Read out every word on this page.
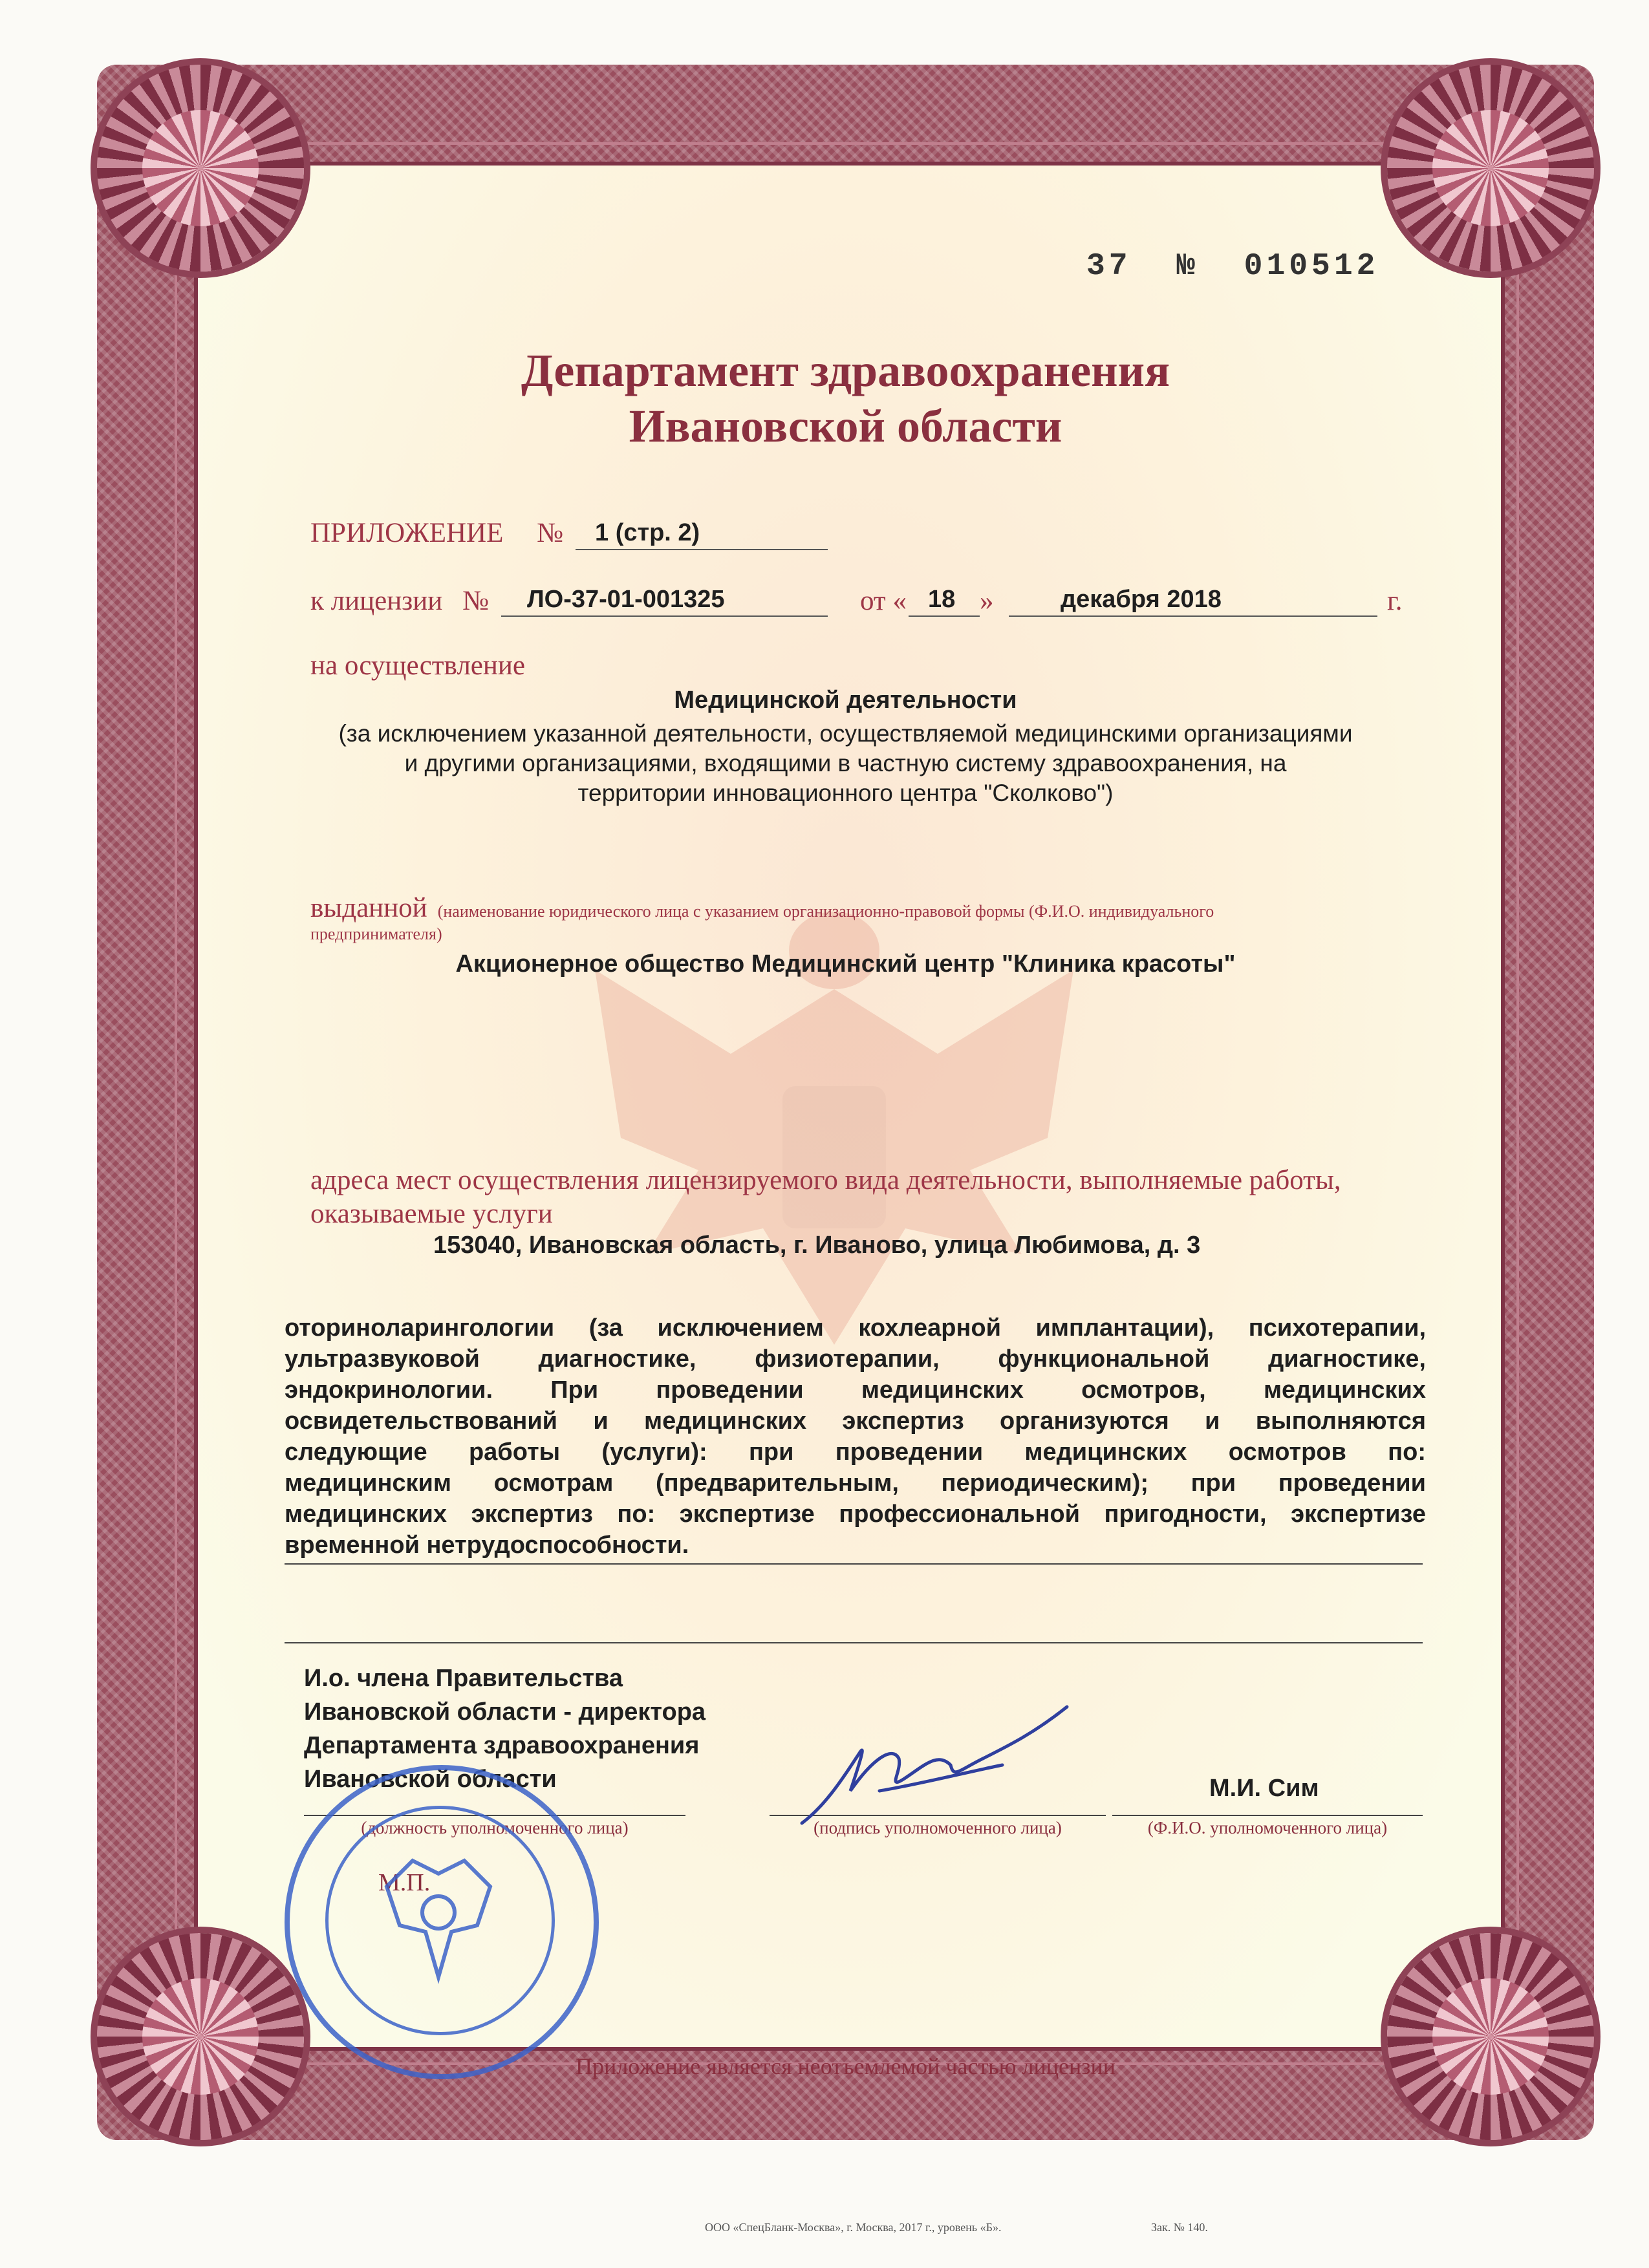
37 № 010512
Департамент здравоохранения
Ивановской области
ПРИЛОЖЕНИЕ № 1 (стр. 2)
к лицензии № ЛО-37-01-001325	от « 18 »	декабря 2018	г.
на осуществление
Медицинской деятельности
(за исключением указанной деятельности, осуществляемой медицинскими организациями
и другими организациями, входящими в частную систему здравоохранения, на
территории инновационного центра "Сколково")
выданной (наименование юридического лица с указанием организационно-правовой формы (Ф.И.О. индивидуального
предпринимателя)
Акционерное общество Медицинский центр "Клиника красоты"
адреса мест осуществления лицензируемого вида деятельности, выполняемые работы,
оказываемые услуги
153040, Ивановская область, г. Иваново, улица Любимова, д. 3
оториноларингологии (за исключением кохлеарной имплантации), психотерапии,
ультразвуковой диагностике, физиотерапии, функциональной диагностике,
эндокринологии. При проведении медицинских осмотров, медицинских
освидетельствований и медицинских экспертиз организуются и выполняются
следующие работы (услуги): при проведении медицинских осмотров по:
медицинским осмотрам (предварительным, периодическим); при проведении
медицинских экспертиз по: экспертизе профессиональной пригодности, экспертизе
временной нетрудоспособности.
И.о. члена Правительства
Ивановской области - директора
Департамента здравоохранения
Ивановской области	М.И. Сим
(должность уполномоченного лица)	(подпись уполномоченного лица)	(Ф.И.О. уполномоченного лица)
М.П.
Приложение является неотъемлемой частью лицензии
ООО «СпецБланк-Москва», г. Москва, 2017 г., уровень «Б».	Зак. № 140.
